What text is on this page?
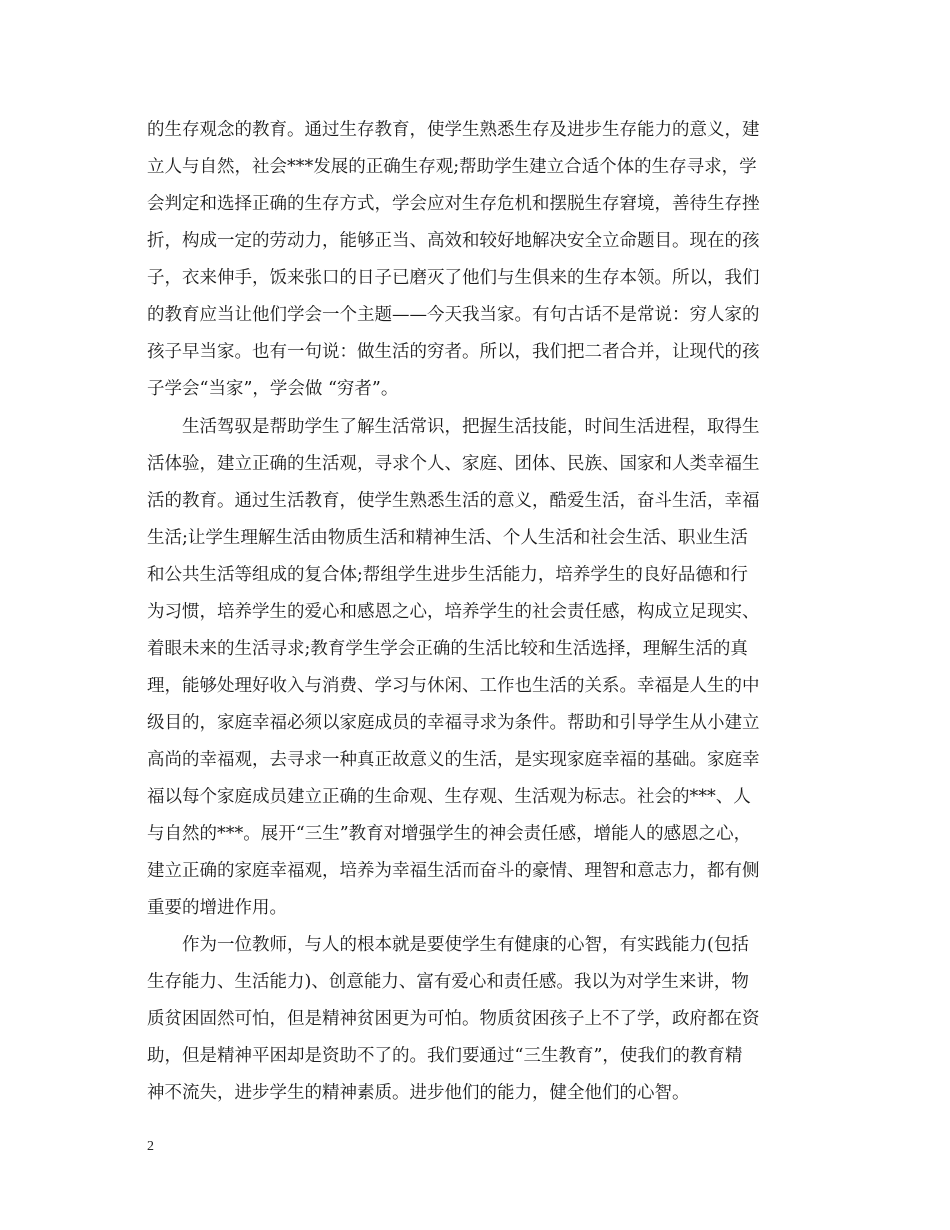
的生存观念的教育。通过生存教育，使学生熟悉生存及进步生存能力的意义，建
立人与自然，社会***发展的正确生存观;帮助学生建立合适个体的生存寻求，学
会判定和选择正确的生存方式，学会应对生存危机和摆脱生存窘境，善待生存挫
折，构成一定的劳动力，能够正当、高效和较好地解决安全立命题目。现在的孩
子，衣来伸手，饭来张口的日子已磨灭了他们与生俱来的生存本领。所以，我们
的教育应当让他们学会一个主题——今天我当家。有句古话不是常说：穷人家的
孩子早当家。也有一句说：做生活的穷者。所以，我们把二者合并，让现代的孩
子学会“当家”，学会做 “穷者”。
生活驾驭是帮助学生了解生活常识，把握生活技能，时间生活进程，取得生
活体验，建立正确的生活观，寻求个人、家庭、团体、民族、国家和人类幸福生
活的教育。通过生活教育，使学生熟悉生活的意义，酷爱生活，奋斗生活，幸福
生活;让学生理解生活由物质生活和精神生活、个人生活和社会生活、职业生活
和公共生活等组成的复合体;帮组学生进步生活能力，培养学生的良好品德和行
为习惯，培养学生的爱心和感恩之心，培养学生的社会责任感，构成立足现实、
着眼未来的生活寻求;教育学生学会正确的生活比较和生活选择，理解生活的真
理，能够处理好收入与消费、学习与休闲、工作也生活的关系。幸福是人生的中
级目的，家庭幸福必须以家庭成员的幸福寻求为条件。帮助和引导学生从小建立
高尚的幸福观，去寻求一种真正故意义的生活，是实现家庭幸福的基础。家庭幸
福以每个家庭成员建立正确的生命观、生存观、生活观为标志。社会的***、人
与自然的***。展开“三生”教育对增强学生的神会责任感，增能人的感恩之心，
建立正确的家庭幸福观，培养为幸福生活而奋斗的豪情、理智和意志力，都有侧
重要的增进作用。
作为一位教师，与人的根本就是要使学生有健康的心智，有实践能力(包括
生存能力、生活能力)、创意能力、富有爱心和责任感。我以为对学生来讲，物
质贫困固然可怕，但是精神贫困更为可怕。物质贫困孩子上不了学，政府都在资
助，但是精神平困却是资助不了的。我们要通过“三生教育”，使我们的教育精
神不流失，进步学生的精神素质。进步他们的能力，健全他们的心智。
2
